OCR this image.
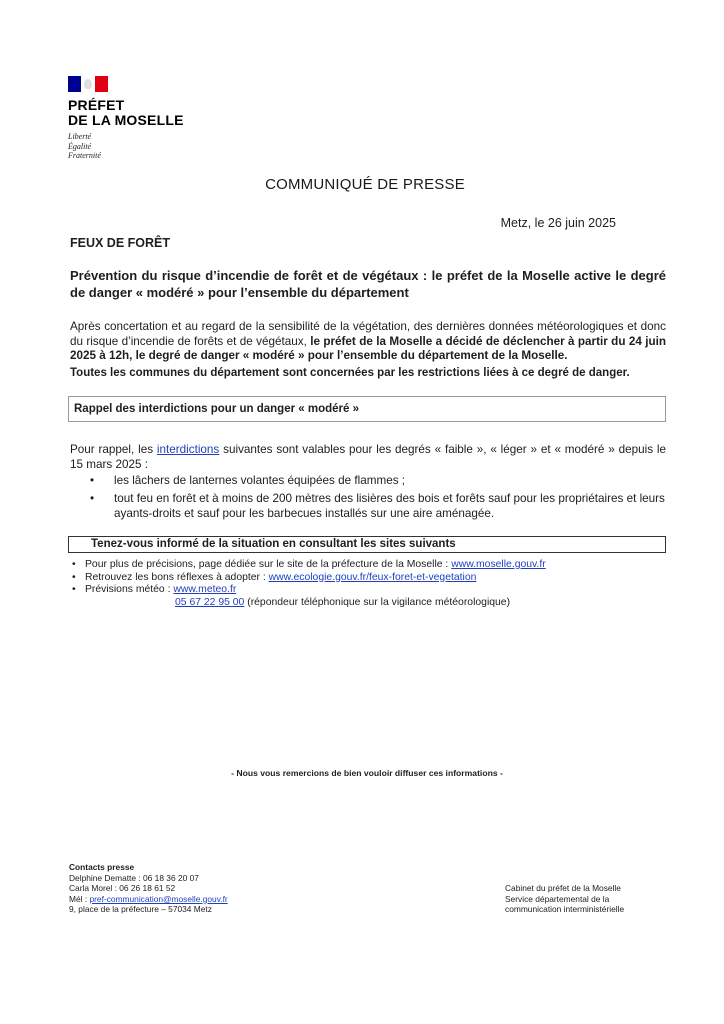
PRÉFET
DE LA MOSELLE
Liberté
Égalité
Fraternité
COMMUNIQUÉ DE PRESSE
Metz, le 26 juin 2025
FEUX DE FORÊT
Prévention du risque d’incendie de forêt et de végétaux : le préfet de la Moselle active le degré de danger « modéré » pour l’ensemble du département
Après concertation et au regard de la sensibilité de la végétation, des dernières données météorologiques et donc du risque d’incendie de forêts et de végétaux, le préfet de la Moselle a décidé de déclencher à partir du 24 juin 2025 à 12h, le degré de danger « modéré » pour l’ensemble du département de la Moselle.
Toutes les communes du département sont concernées par les restrictions liées à ce degré de danger.
Rappel des interdictions pour un danger « modéré »
Pour rappel, les interdictions suivantes sont valables pour les degrés « faible », « léger » et « modéré » depuis le 15 mars 2025 :
• les lâchers de lanternes volantes équipées de flammes ;
• tout feu en forêt et à moins de 200 mètres des lisières des bois et forêts sauf pour les propriétaires et leurs ayants-droits et sauf pour les barbecues installés sur une aire aménagée.
Tenez-vous informé de la situation en consultant les sites suivants
• Pour plus de précisions, page dédiée sur le site de la préfecture de la Moselle : www.moselle.gouv.fr
• Retrouvez les bons réflexes à adopter : www.ecologie.gouv.fr/feux-foret-et-vegetation
• Prévisions météo : www.meteo.fr
05 67 22 95 00 (répondeur téléphonique sur la vigilance météorologique)
- Nous vous remercions de bien vouloir diffuser ces informations -
Contacts presse
Delphine Dematte : 06 18 36 20 07
Carla Morel : 06 26 18 61 52
Mél : pref-communication@moselle.gouv.fr
9, place de la préfecture – 57034 Metz
Cabinet du préfet de la Moselle
Service départemental de la
communication interministérielle
